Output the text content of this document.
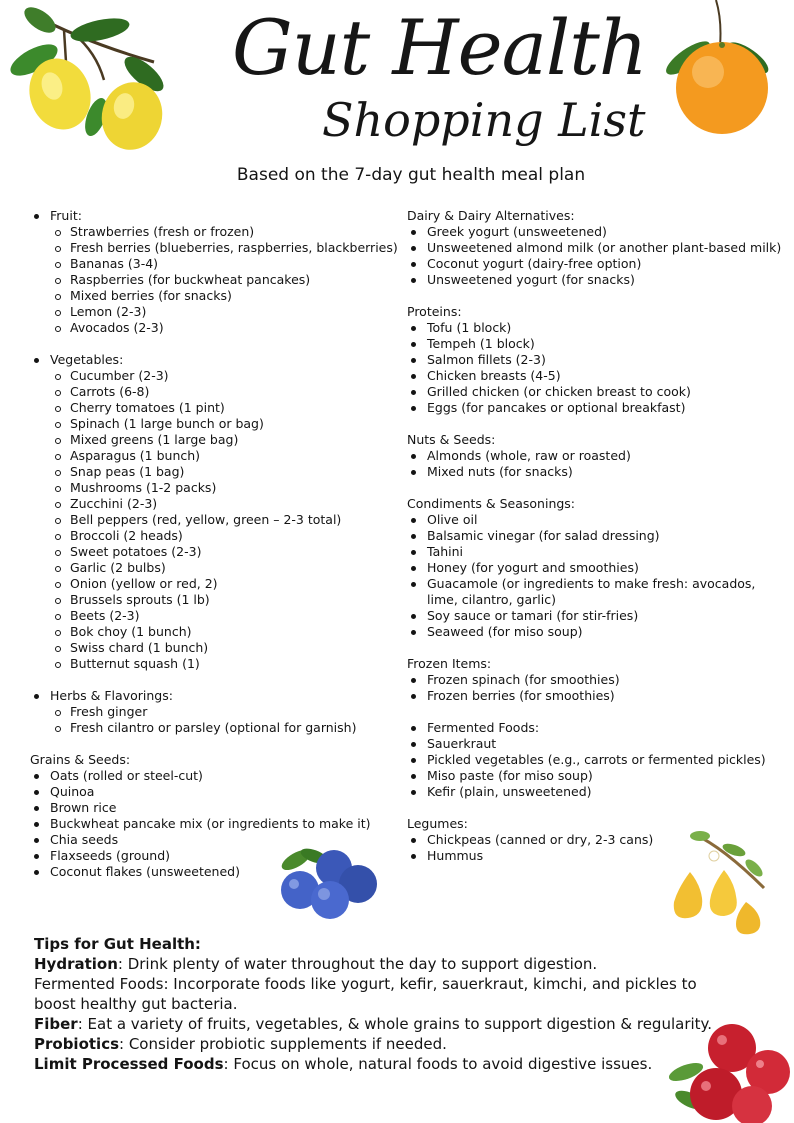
Gut Health
Shopping List
Based on the 7-day gut health meal plan
Fruit:
Strawberries (fresh or frozen)
Fresh berries (blueberries, raspberries, blackberries)
Bananas (3-4)
Raspberries (for buckwheat pancakes)
Mixed berries (for snacks)
Lemon (2-3)
Avocados (2-3)
Vegetables:
Cucumber (2-3)
Carrots (6-8)
Cherry tomatoes (1 pint)
Spinach (1 large bunch or bag)
Mixed greens (1 large bag)
Asparagus (1 bunch)
Snap peas (1 bag)
Mushrooms (1-2 packs)
Zucchini (2-3)
Bell peppers (red, yellow, green – 2-3 total)
Broccoli (2 heads)
Sweet potatoes (2-3)
Garlic (2 bulbs)
Onion (yellow or red, 2)
Brussels sprouts (1 lb)
Beets (2-3)
Bok choy (1 bunch)
Swiss chard (1 bunch)
Butternut squash (1)
Herbs & Flavorings:
Fresh ginger
Fresh cilantro or parsley (optional for garnish)
Grains & Seeds:
Oats (rolled or steel-cut)
Quinoa
Brown rice
Buckwheat pancake mix (or ingredients to make it)
Chia seeds
Flaxseeds (ground)
Coconut flakes (unsweetened)
Dairy & Dairy Alternatives:
Greek yogurt (unsweetened)
Unsweetened almond milk (or another plant-based milk)
Coconut yogurt (dairy-free option)
Unsweetened yogurt (for snacks)
Proteins:
Tofu (1 block)
Tempeh (1 block)
Salmon fillets (2-3)
Chicken breasts (4-5)
Grilled chicken (or chicken breast to cook)
Eggs (for pancakes or optional breakfast)
Nuts & Seeds:
Almonds (whole, raw or roasted)
Mixed nuts (for snacks)
Condiments & Seasonings:
Olive oil
Balsamic vinegar (for salad dressing)
Tahini
Honey (for yogurt and smoothies)
Guacamole (or ingredients to make fresh: avocados,
lime, cilantro, garlic)
Soy sauce or tamari (for stir-fries)
Seaweed (for miso soup)
Frozen Items:
Frozen spinach (for smoothies)
Frozen berries (for smoothies)
Fermented Foods:
Sauerkraut
Pickled vegetables (e.g., carrots or fermented pickles)
Miso paste (for miso soup)
Kefir (plain, unsweetened)
Legumes:
Chickpeas (canned or dry, 2-3 cans)
Hummus

Tips for Gut Health:

Hydration: Drink plenty of water throughout the day to support digestion.

Fermented Foods: Incorporate foods like yogurt, kefir, sauerkraut, kimchi, and pickles to
boost healthy gut bacteria.

Fiber: Eat a variety of fruits, vegetables, & whole grains to support digestion & regularity.

Probiotics: Consider probiotic supplements if needed.

Limit Processed Foods: Focus on whole, natural foods to avoid digestive issues.
